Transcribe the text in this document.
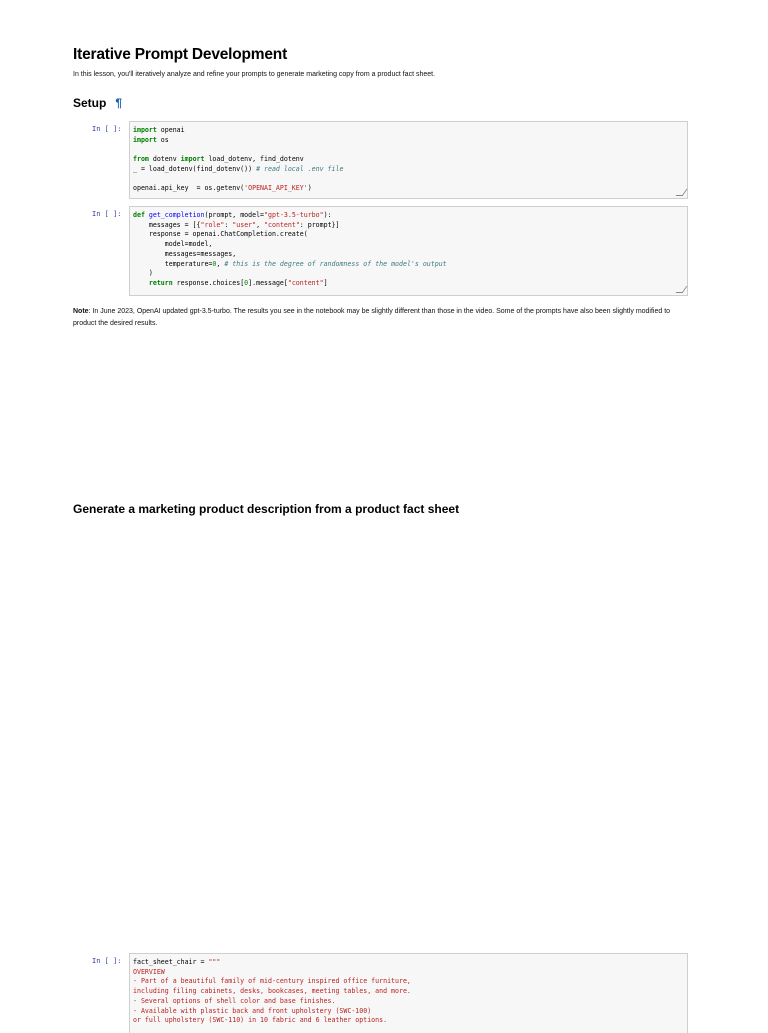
Iterative Prompt Development
In this lesson, you'll iteratively analyze and refine your prompts to generate marketing copy from a product fact sheet.
Setup ¶
In [ ]:	import openai
import os

from dotenv import load_dotenv, find_dotenv
_ = load_dotenv(find_dotenv()) # read local .env file

openai.api_key  = os.getenv('OPENAI_API_KEY')
In [ ]:	def get_completion(prompt, model="gpt-3.5-turbo"):
messages = [{"role": "user", "content": prompt}]
response = openai.ChatCompletion.create(
model=model,
messages=messages,
temperature=0, # this is the degree of randomness of the model's output
)
return response.choices[0].message["content"]
Note: In June 2023, OpenAI updated gpt-3.5-turbo. The results you see in the notebook may be slightly different than those in the video. Some of the prompts have also been slightly modified to product the desired results.
Generate a marketing product description from a product fact sheet
In [ ]:	fact_sheet_chair = """
OVERVIEW
- Part of a beautiful family of mid-century inspired office furniture,
including filing cabinets, desks, bookcases, meeting tables, and more.
- Several options of shell color and base finishes.
- Available with plastic back and front upholstery (SWC-100)
or full upholstery (SWC-110) in 10 fabric and 6 leather options.
